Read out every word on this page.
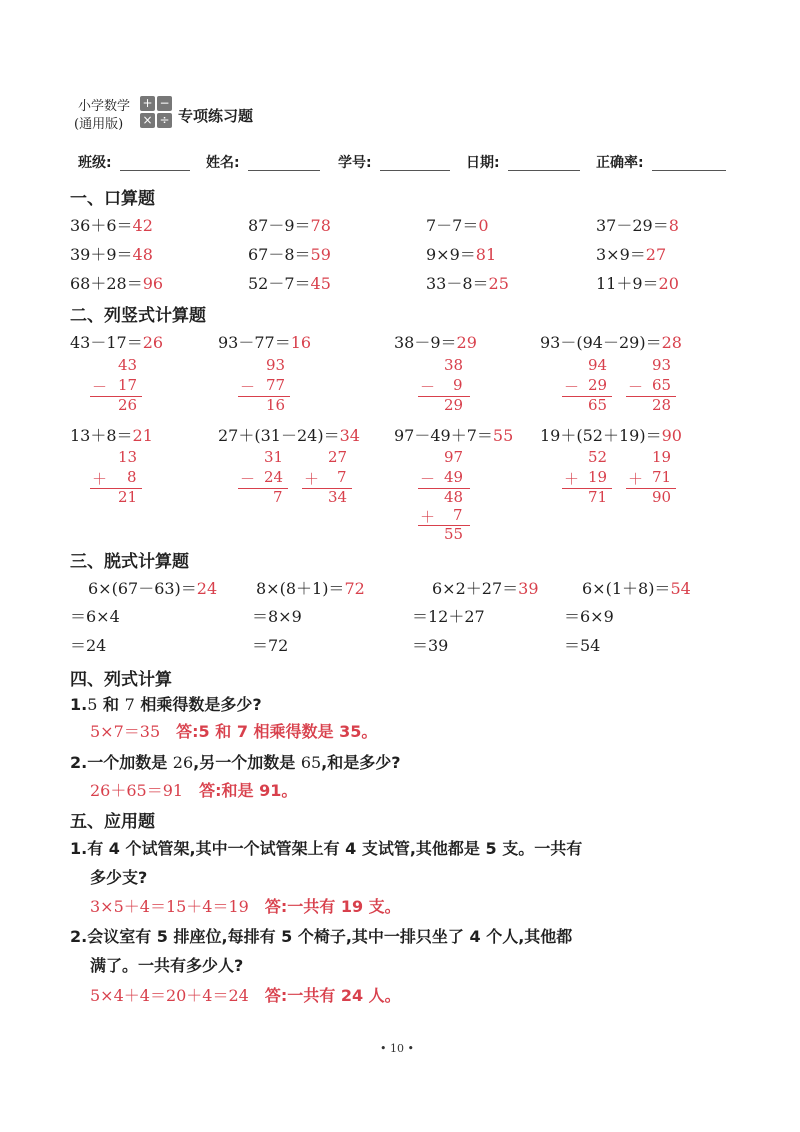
小学数学
(通用版)
+ −
× ÷ 专项练习题
班级:	姓名:	学号:	日期:	正确率:
一、口算题
36＋6＝42	87－9＝78	7－7＝0	37－29＝8
39＋9＝48	67－8＝59	9×9＝81	3×9＝27
68＋28＝96	52－7＝45	33－8＝25	11＋9＝20
二、列竖式计算题
43－17＝26	93－77＝16	38－9＝29	93－(94－29)＝28
43
－ 17
26
93
－ 77
16
38
－ 9
29
94
－ 29
65
93
－ 65
28
13＋8＝21	27＋(31－24)＝34 97－49＋7＝55 19＋(52＋19)＝90
13
＋ 8
21
31
－ 24
7
27
＋ 7
34
97
－ 49
48
＋ 7
55
52
＋ 19
71
19
＋ 71
90
三、脱式计算题
6×(67－63)＝24 8×(8＋1)＝72	6×2＋27＝39	6×(1＋8)＝54
＝6×4	＝8×9	＝12＋27	＝6×9
＝24	＝72	＝39	＝54
四、列式计算
1.5 和 7 相乘得数是多少?
5×7＝35 答:5 和 7 相乘得数是 35。
2.一个加数是 26,另一个加数是 65,和是多少?
26＋65＝91 答:和是 91。
五、应用题
1.有 4 个试管架,其中一个试管架上有 4 支试管,其他都是 5 支。一共有
多少支?
3×5＋4＝15＋4＝19 答:一共有 19 支。
2.会议室有 5 排座位,每排有 5 个椅子,其中一排只坐了 4 个人,其他都
满了。一共有多少人?
5×4＋4＝20＋4＝24 答:一共有 24 人。
• 10 •
